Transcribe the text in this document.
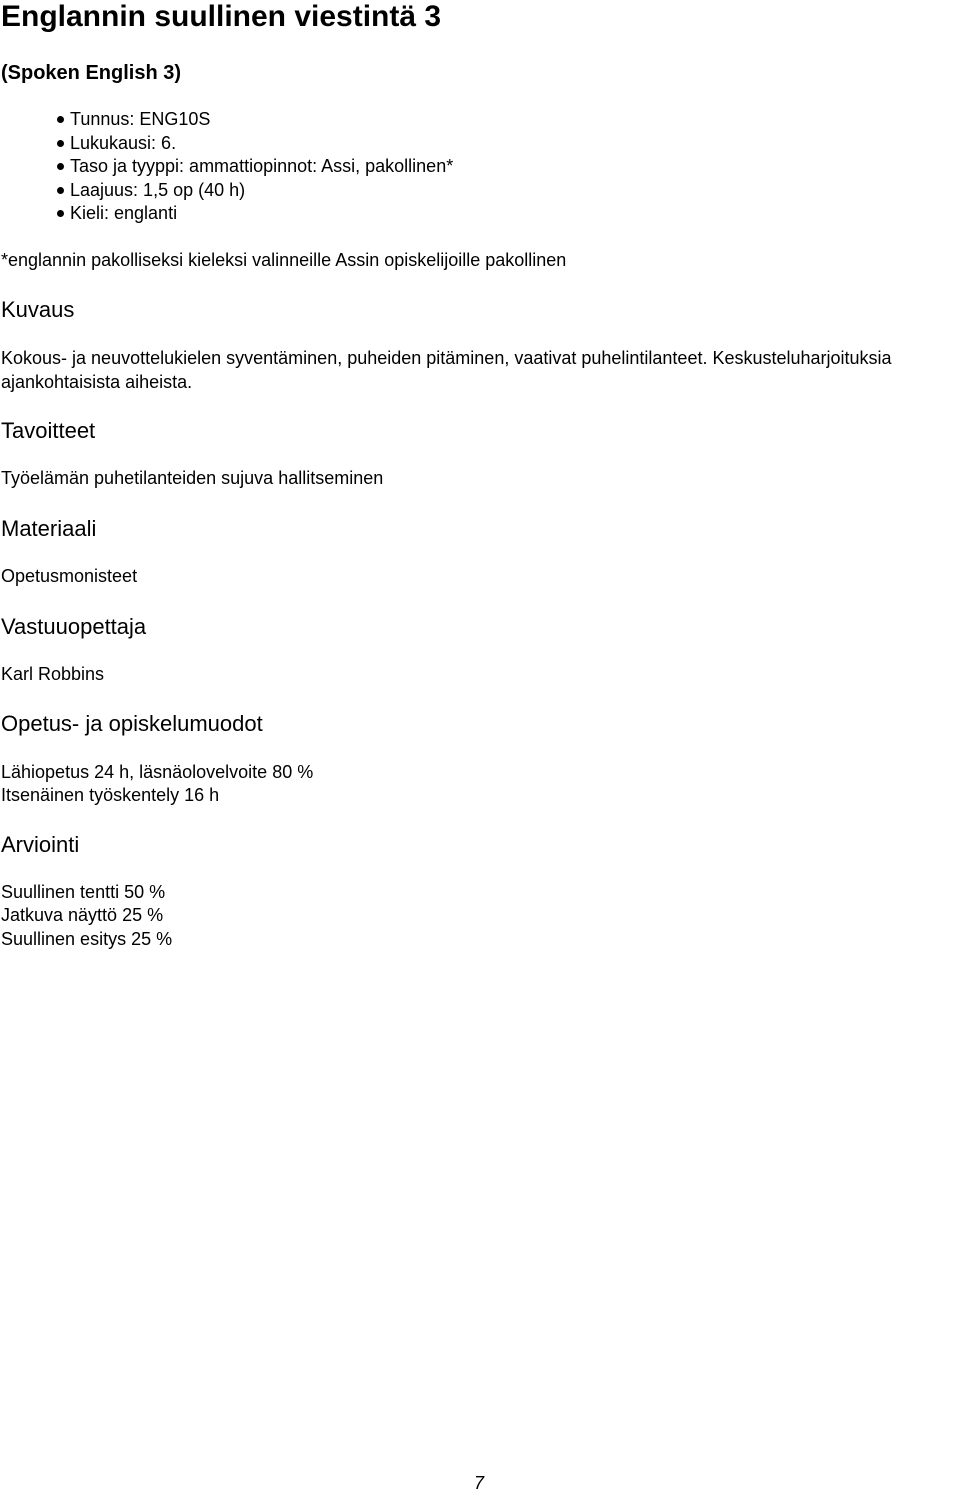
Englannin suullinen viestintä 3
(Spoken English 3)
Tunnus: ENG10S
Lukukausi: 6.
Taso ja tyyppi: ammattiopinnot: Assi, pakollinen*
Laajuus: 1,5 op (40 h)
Kieli: englanti

*englannin pakolliseksi kieleksi valinneille Assin opiskelijoille pakollinen

Kuvaus

Kokous- ja neuvottelukielen syventäminen, puheiden pitäminen, vaativat puhelintilanteet. Keskusteluharjoituksia ajankohtaisista aiheista.

Tavoitteet

Työelämän puhetilanteiden sujuva hallitseminen

Materiaali

Opetusmonisteet

Vastuuopettaja

Karl Robbins

Opetus- ja opiskelumuodot

Lähiopetus 24 h, läsnäolovelvoite 80 %

Itsenäinen työskentely 16 h

Arviointi

Suullinen tentti 50 %

Jatkuva näyttö 25 %

Suullinen esitys 25 %

7
